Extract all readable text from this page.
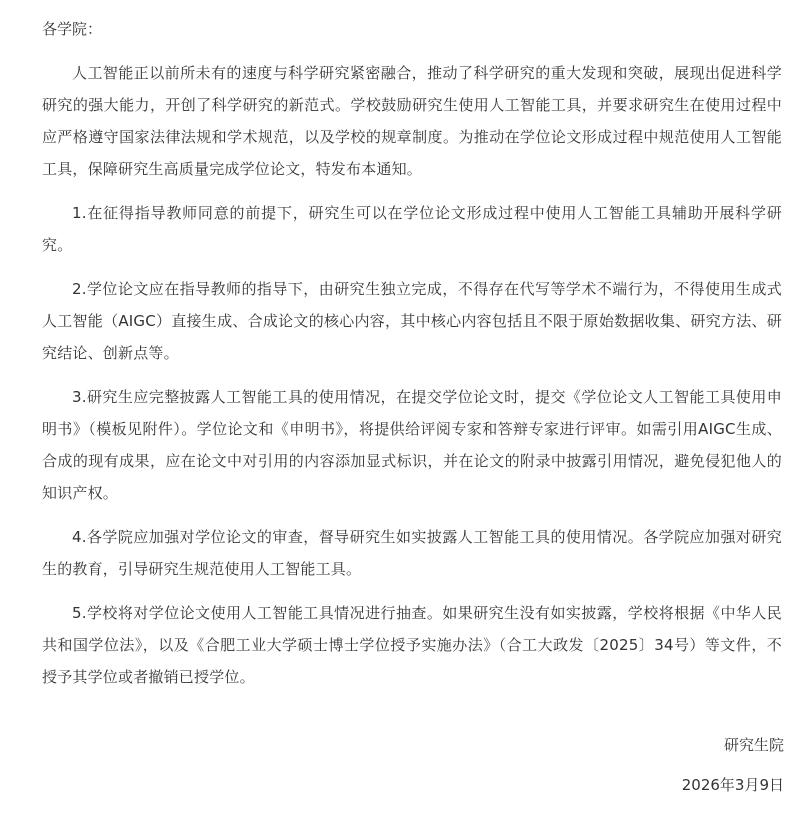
各学院：

人工智能正以前所未有的速度与科学研究紧密融合，推动了科学研究的重大发现和突破，展现出促进科学研究的强大能力，开创了科学研究的新范式。学校鼓励研究生使用人工智能工具，并要求研究生在使用过程中应严格遵守国家法律法规和学术规范，以及学校的规章制度。为推动在学位论文形成过程中规范使用人工智能工具，保障研究生高质量完成学位论文，特发布本通知。

1.在征得指导教师同意的前提下，研究生可以在学位论文形成过程中使用人工智能工具辅助开展科学研究。

2.学位论文应在指导教师的指导下，由研究生独立完成，不得存在代写等学术不端行为，不得使用生成式人工智能（AIGC）直接生成、合成论文的核心内容，其中核心内容包括且不限于原始数据收集、研究方法、研究结论、创新点等。

3.研究生应完整披露人工智能工具的使用情况，在提交学位论文时，提交《学位论文人工智能工具使用申明书》（模板见附件）。学位论文和《申明书》，将提供给评阅专家和答辩专家进行评审。如需引用AIGC生成、合成的现有成果，应在论文中对引用的内容添加显式标识，并在论文的附录中披露引用情况，避免侵犯他人的知识产权。

4.各学院应加强对学位论文的审查，督导研究生如实披露人工智能工具的使用情况。各学院应加强对研究生的教育，引导研究生规范使用人工智能工具。

5.学校将对学位论文使用人工智能工具情况进行抽查。如果研究生没有如实披露，学校将根据《中华人民共和国学位法》，以及《合肥工业大学硕士博士学位授予实施办法》（合工大政发〔2025〕34号）等文件，不授予其学位或者撤销已授学位。

研究生院

2026年3月9日
